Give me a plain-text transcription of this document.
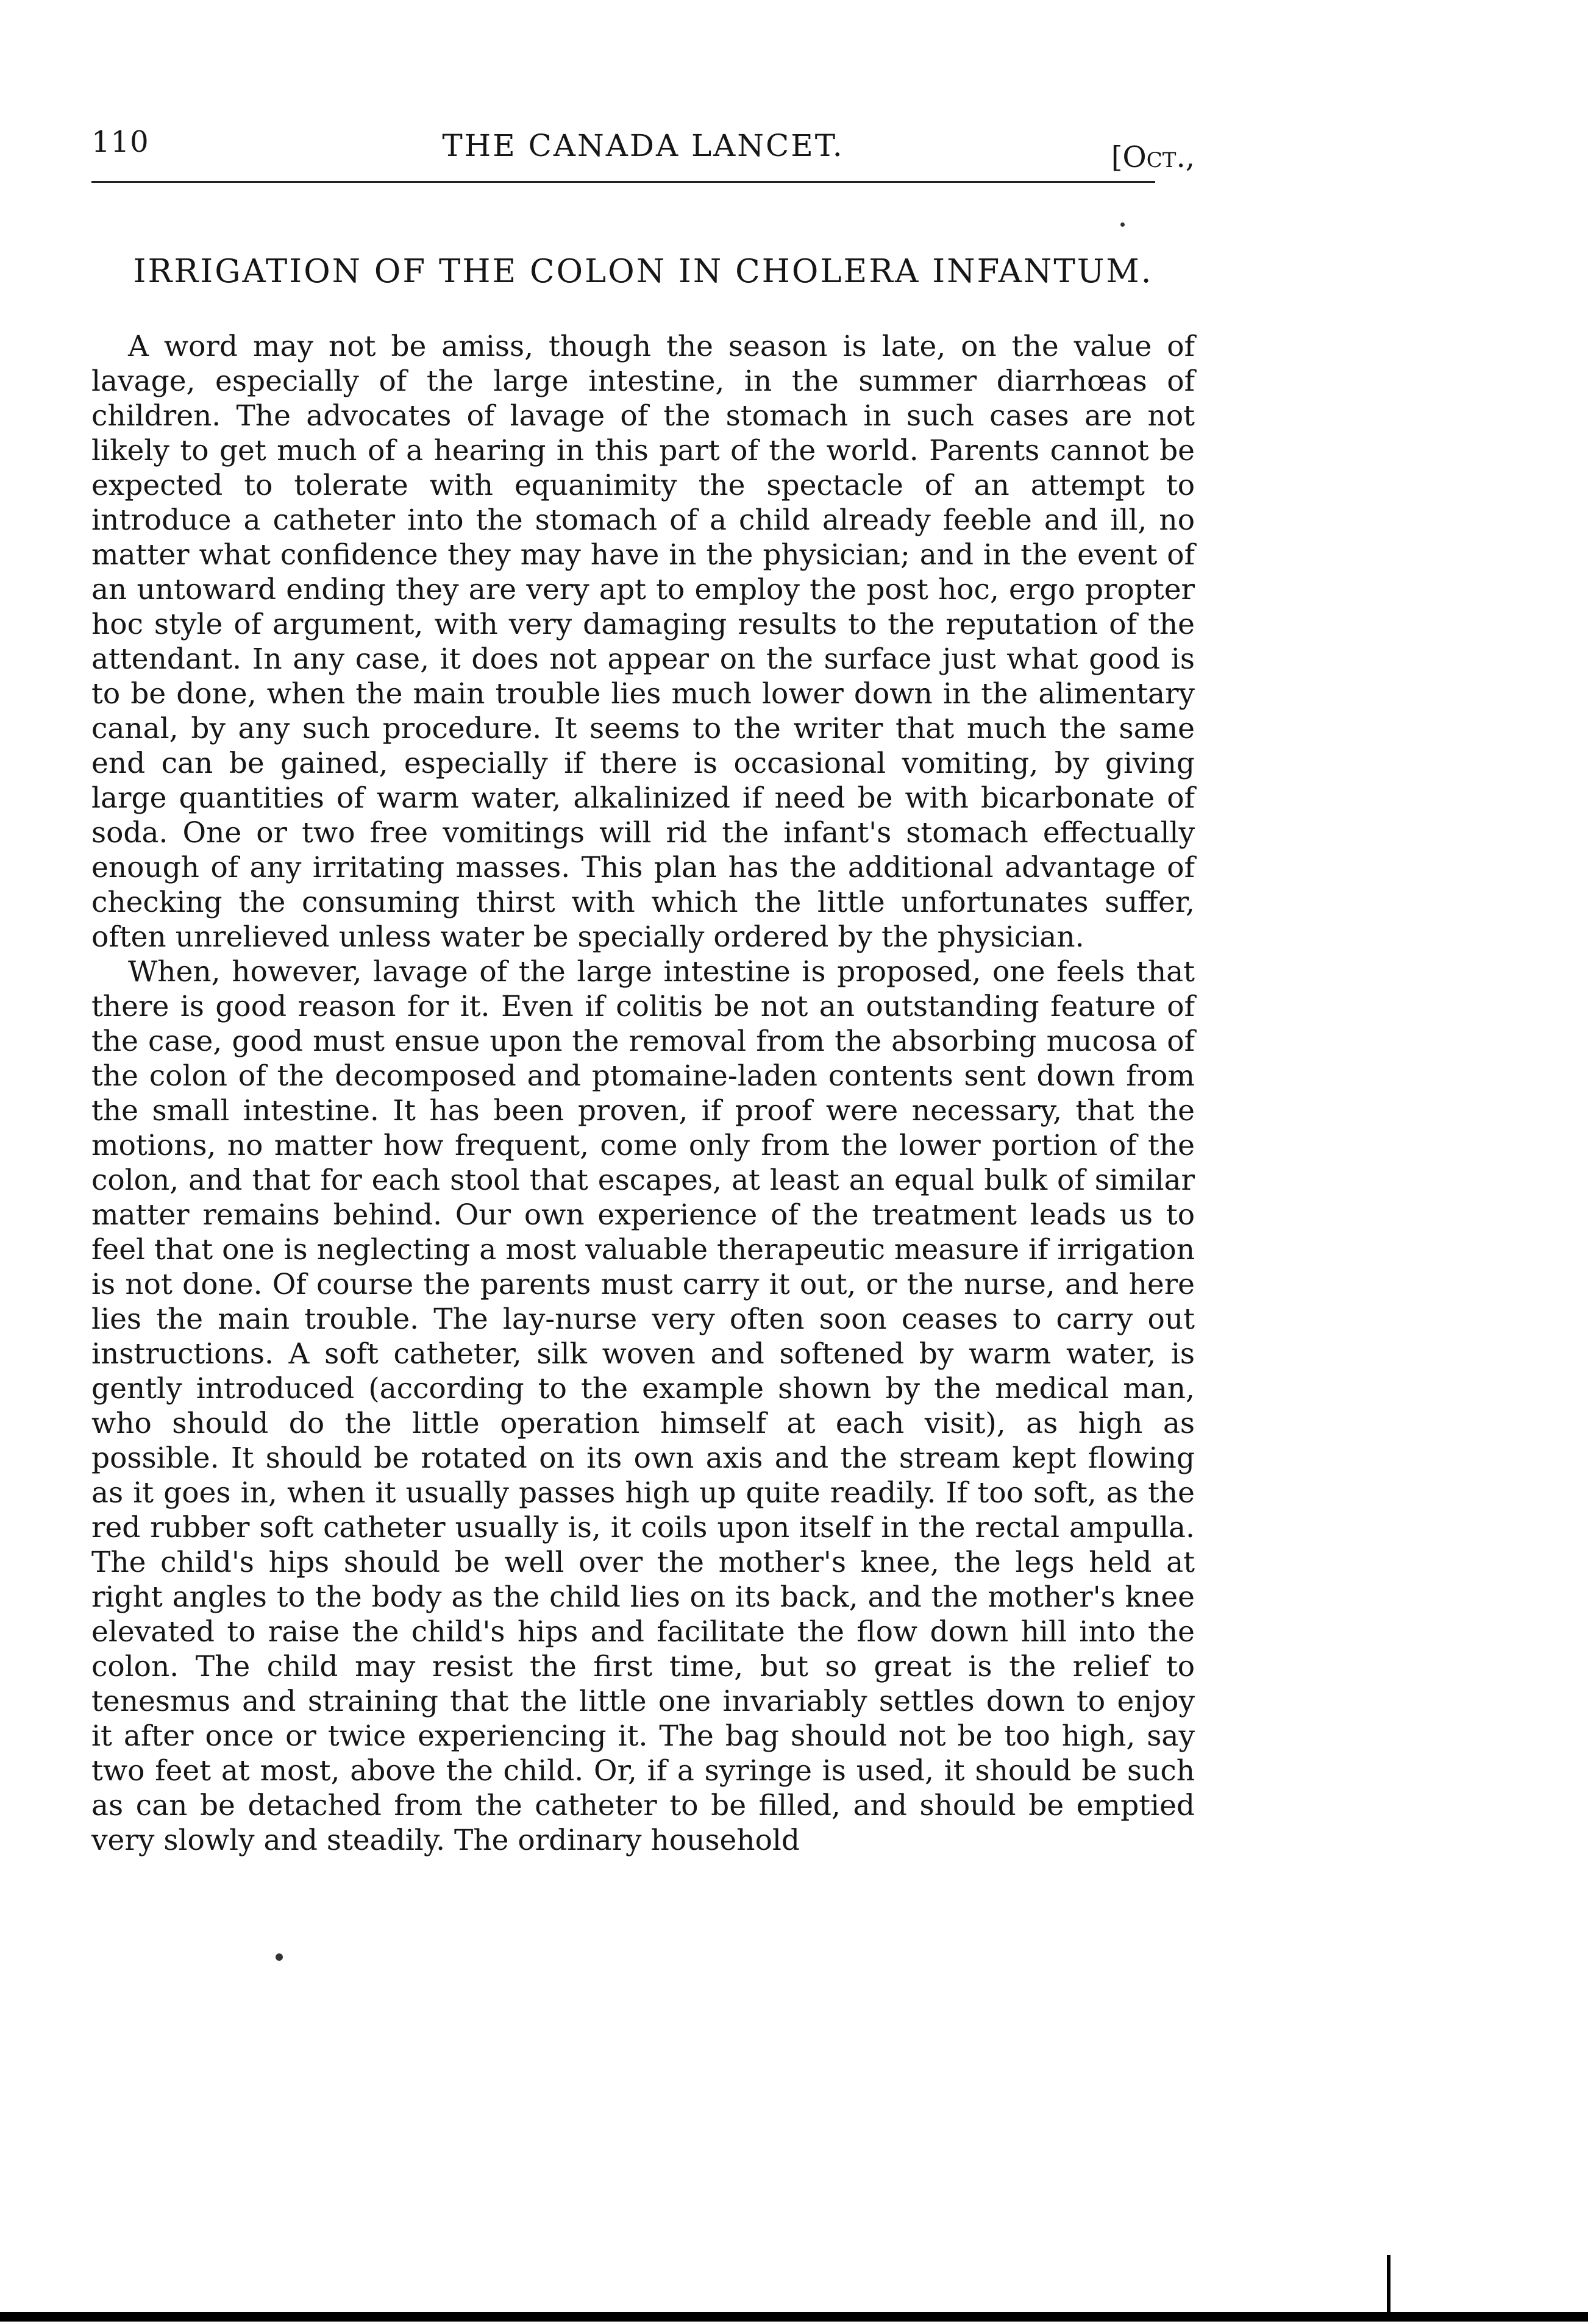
110	THE CANADA LANCET.	[Oct.,
IRRIGATION OF THE COLON IN CHOLERA INFANTUM.

A word may not be amiss, though the season is late, on the value of lavage, especially of the large intestine, in the summer diarrhœas of children. The advocates of lavage of the stomach in such cases are not likely to get much of a hearing in this part of the world. Parents cannot be expected to tolerate with equanimity the spectacle of an attempt to introduce a catheter into the stomach of a child already feeble and ill, no matter what confidence they may have in the physician; and in the event of an untoward ending they are very apt to employ the post hoc, ergo propter hoc style of argument, with very damaging results to the reputation of the attendant. In any case, it does not appear on the surface just what good is to be done, when the main trouble lies much lower down in the alimentary canal, by any such procedure. It seems to the writer that much the same end can be gained, especially if there is occasional vomiting, by giving large quantities of warm water, alkalinized if need be with bicarbonate of soda. One or two free vomitings will rid the infant's stomach effectually enough of any irritating masses. This plan has the additional advantage of checking the consuming thirst with which the little unfortunates suffer, often unrelieved unless water be specially ordered by the physician.

When, however, lavage of the large intestine is proposed, one feels that there is good reason for it. Even if colitis be not an outstanding feature of the case, good must ensue upon the removal from the absorbing mucosa of the colon of the decomposed and ptomaine-laden contents sent down from the small intestine. It has been proven, if proof were necessary, that the motions, no matter how frequent, come only from the lower portion of the colon, and that for each stool that escapes, at least an equal bulk of similar matter remains behind. Our own experience of the treatment leads us to feel that one is neglecting a most valuable therapeutic measure if irrigation is not done. Of course the parents must carry it out, or the nurse, and here lies the main trouble. The lay-nurse very often soon ceases to carry out instructions. A soft catheter, silk woven and softened by warm water, is gently introduced (according to the example shown by the medical man, who should do the little operation himself at each visit), as high as possible. It should be rotated on its own axis and the stream kept flowing as it goes in, when it usually passes high up quite readily. If too soft, as the red rubber soft catheter usually is, it coils upon itself in the rectal ampulla. The child's hips should be well over the mother's knee, the legs held at right angles to the body as the child lies on its back, and the mother's knee elevated to raise the child's hips and facilitate the flow down hill into the colon. The child may resist the first time, but so great is the relief to tenesmus and straining that the little one invariably settles down to enjoy it after once or twice experiencing it. The bag should not be too high, say two feet at most, above the child. Or, if a syringe is used, it should be such as can be detached from the catheter to be filled, and should be emptied very slowly and steadily. The ordinary household
